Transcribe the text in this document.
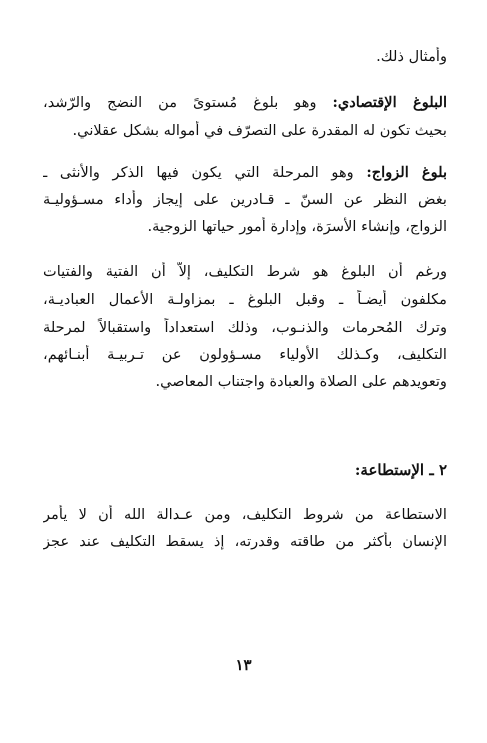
وأمثال ذلك.
البلوغ الإقتصادي: وهو بلوغ مُستوىً من النضج والرّشد،
بحيث تكون له المقدرة على التصرّف في أمواله بشكل عقلاني.
بلوغ الزواج: وهو المرحلة التي يكون فيها الذكر والأنثى ـ
بغض النظر عن السنّ ـ قـادرين على إيجاز وأداء مسـؤوليـة
الزواج، وإنشاء الأسرَة، وإدارة أمور حياتها الزوجية.
ورغم أن البلوغ هو شرط التكليف، إلاّ أن الفتية والفتيات
مكلفون أيضـاً ـ وقبل البلوغ ـ بمزاولـة الأعمال العباديـة،
وترك المُحرمات والذنـوب، وذلك استعداداً واستقبالاً لمرحلة
التكليف، وكـذلك الأولياء مسـؤولون عن تـربيـة أبنـائهم،
وتعويدهم على الصلاة والعبادة واجتناب المعاصي.
٢ ـ الإستطاعة:
الاستطاعة من شروط التكليف، ومن عـدالة الله أن لا يأمر
الإنسان بأكثر من طاقته وقدرته، إذ يسقط التكليف عند عجز
١٣
